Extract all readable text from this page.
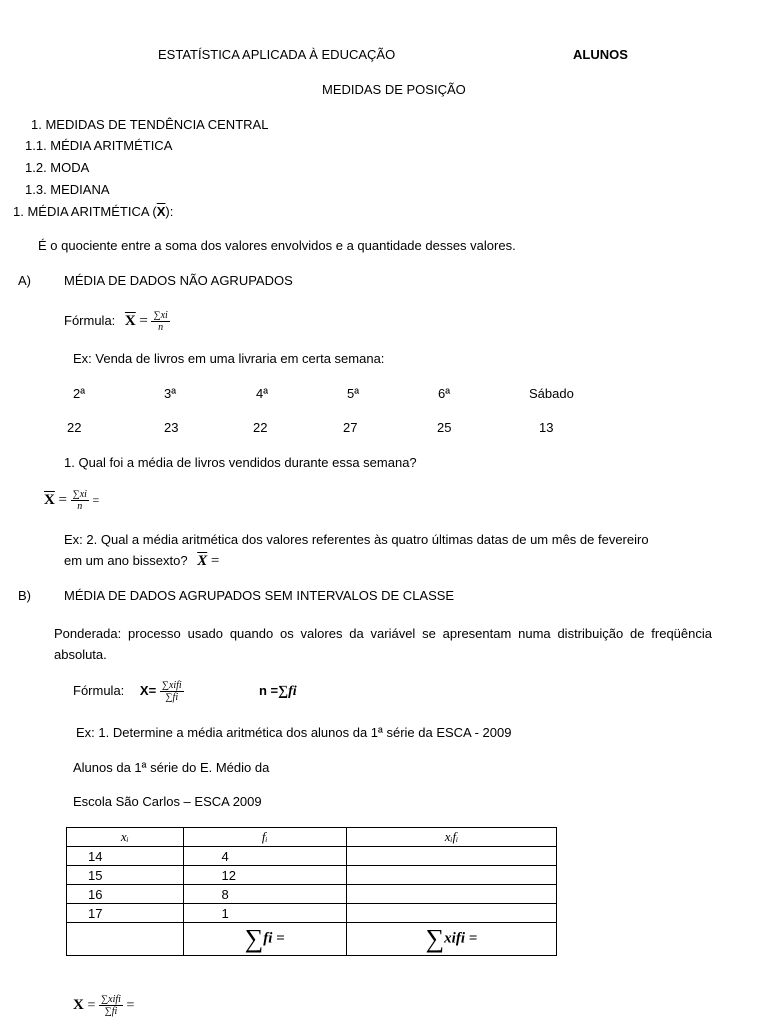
ESTATÍSTICA APLICADA À EDUCAÇÃO	ALUNOS
MEDIDAS DE POSIÇÃO
1. MEDIDAS DE TENDÊNCIA CENTRAL
1.1. MÉDIA ARITMÉTICA
1.2. MODA
1.3. MEDIANA
1. MÉDIA ARITMÉTICA $(\overline{X})$:
É o quociente entre a soma dos valores envolvidos e a quantidade desses valores.
A)	MÉDIA DE DADOS NÃO AGRUPADOS
Fórmula: $\overline{X} = \frac{\sum xi}{n}$
Ex: Venda de livros em uma livraria em certa semana:
2ª	3ª	4ª	5ª	6ª	Sábado
22	23	22	27	25	13
1. Qual foi a média de livros vendidos durante essa semana?
$\overline{X} = \frac{\sum xi}{n}$ =
Ex: 2. Qual a média aritmética dos valores referentes às quatro últimas datas de um mês de fevereiro
em um ano bissexto? $\overline{X}$ =
B)	MÉDIA DE DADOS AGRUPADOS SEM INTERVALOS DE CLASSE
Ponderada: processo usado quando os valores da variável se apresentam numa distribuição de freqüência absoluta.
Fórmula: $X= \frac{\text{∑xifi}}{\sum fi}$	n =∑fi
Ex: 1. Determine a média aritmética dos alunos da 1ª série da ESCA - 2009
Alunos da 1ª série do E. Médio da
Escola São Carlos – ESCA 2009
xᵢ	fᵢ	xᵢfᵢ
14	4	
15	12	
16	8	
17	1	
	∑fi =	∑xifi =
$X = \frac{\text{∑xifi}}{\sum fi}$ =
